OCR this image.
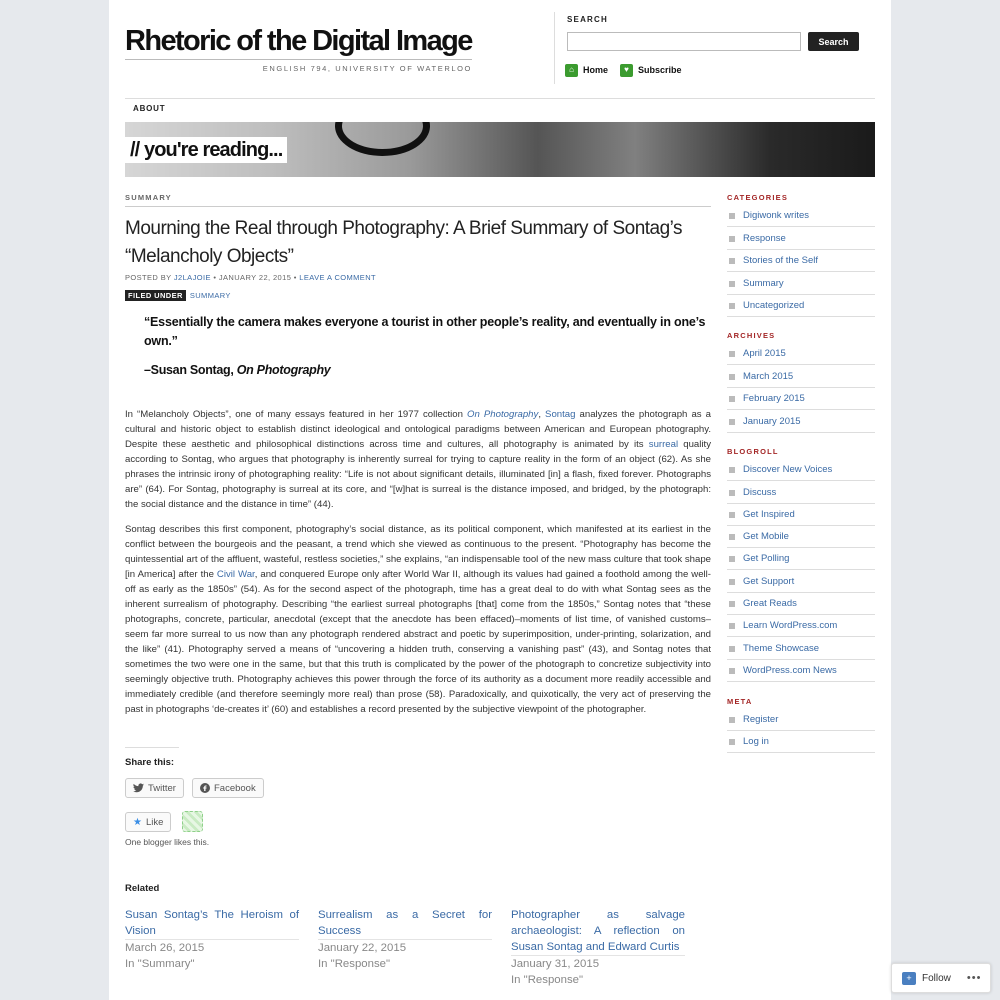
Rhetoric of the Digital Image
ENGLISH 794, UNIVERSITY OF WATERLOO
SEARCH
Search
⌂	Home	♥	Subscribe
ABOUT
// you're reading...
SUMMARY
Mourning the Real through Photography: A Brief Summary of Sontag’s “Melancholy Objects”
POSTED BY J2LAJOIE • JANUARY 22, 2015 • LEAVE A COMMENT
FILED UNDER SUMMARY
“Essentially the camera makes everyone a tourist in other people’s reality, and eventually in one’s own.”
–Susan Sontag, On Photography

In “Melancholy Objects”, one of many essays featured in her 1977 collection On Photography, Sontag analyzes the photograph as a cultural and historic object to establish distinct ideological and ontological paradigms between American and European photography. Despite these aesthetic and philosophical distinctions across time and cultures, all photography is animated by its surreal quality according to Sontag, who argues that photography is inherently surreal for trying to capture reality in the form of an object (62). As she phrases the intrinsic irony of photographing reality: “Life is not about significant details, illuminated [in] a flash, fixed forever. Photographs are” (64). For Sontag, photography is surreal at its core, and “[w]hat is surreal is the distance imposed, and bridged, by the photograph: the social distance and the distance in time” (44).

Sontag describes this first component, photography’s social distance, as its political component, which manifested at its earliest in the conflict between the bourgeois and the peasant, a trend which she viewed as continuous to the present. “Photography has become the quintessential art of the affluent, wasteful, restless societies,” she explains, “an indispensable tool of the new mass culture that took shape [in America] after the Civil War, and conquered Europe only after World War II, although its values had gained a foothold among the well-off as early as the 1850s” (54). As for the second aspect of the photograph, time has a great deal to do with what Sontag sees as the inherent surrealism of photography. Describing “the earliest surreal photographs [that] come from the 1850s,” Sontag notes that “these photographs, concrete, particular, anecdotal (except that the anecdote has been effaced)–moments of list time, of vanished customs–seem far more surreal to us now than any photograph rendered abstract and poetic by superimposition, under-printing, solarization, and the like” (41). Photography served a means of “uncovering a hidden truth, conserving a vanishing past” (43), and Sontag notes that sometimes the two were one in the same, but that this truth is complicated by the power of the photograph to concretize subjectivity into seemingly objective truth. Photography achieves this power through the force of its authority as a document more readily accessible and immediately credible (and therefore seemingly more real) than prose (58). Paradoxically, and quixotically, the very act of preserving the past in photographs ‘de-creates it’ (60) and establishes a record presented by the subjective viewpoint of the photographer.

Share this:
Twitter	Facebook
★ Like
One blogger likes this.
Related
Susan Sontag’s The Heroism of Vision
March 26, 2015
In "Summary"
Surrealism as a Secret for Success
January 22, 2015
In "Response"
Photographer as salvage archaeologist: A reflection on Susan Sontag and Edward Curtis
January 31, 2015
In "Response"
CATEGORIES
Digiwonk writes
Response
Stories of the Self
Summary
Uncategorized
ARCHIVES
April 2015
March 2015
February 2015
January 2015
BLOGROLL
Discover New Voices
Discuss
Get Inspired
Get Mobile
Get Polling
Get Support
Great Reads
Learn WordPress.com
Theme Showcase
WordPress.com News
META
Register
Log in
+	Follow •••
